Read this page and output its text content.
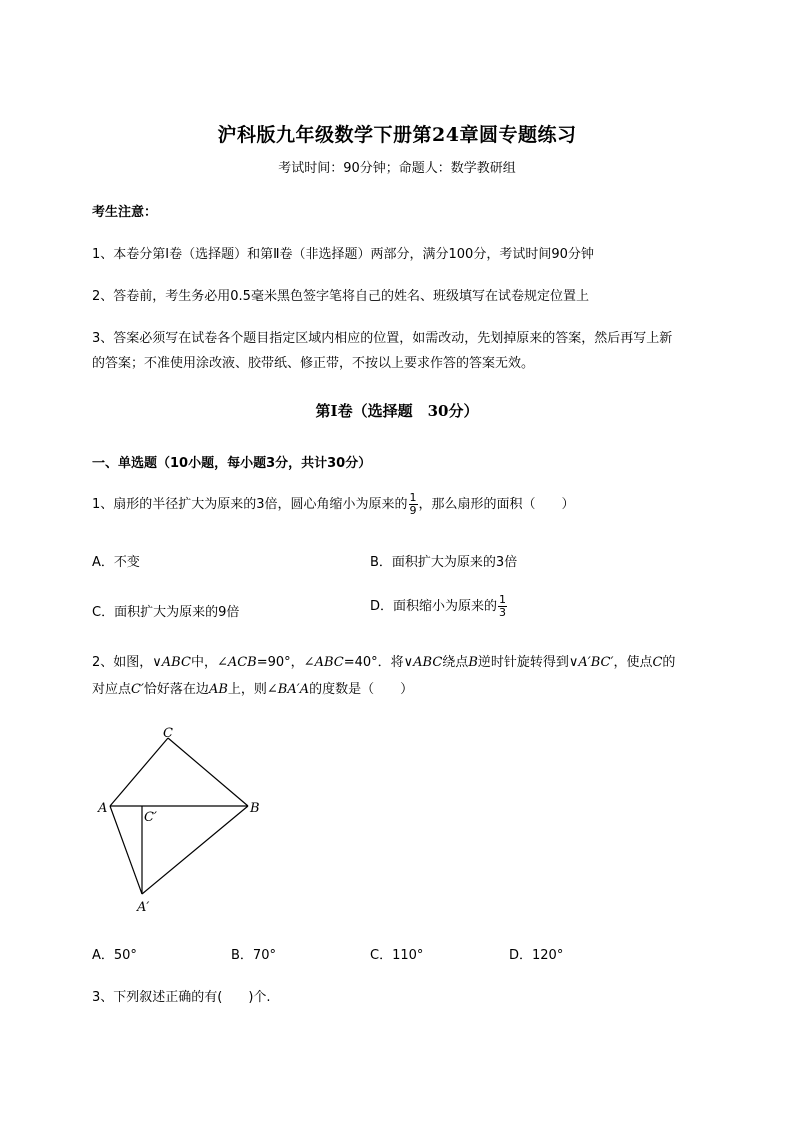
沪科版九年级数学下册第24章圆专题练习
考试时间：90分钟；命题人：数学教研组
考生注意：
1、本卷分第I卷（选择题）和第Ⅱ卷（非选择题）两部分，满分100分，考试时间90分钟
2、答卷前，考生务必用0.5毫米黑色签字笔将自己的姓名、班级填写在试卷规定位置上
3、答案必须写在试卷各个题目指定区域内相应的位置，如需改动，先划掉原来的答案，然后再写上新
的答案；不准使用涂改液、胶带纸、修正带，不按以上要求作答的答案无效。
第I卷（选择题　30分）
一、单选题（10小题，每小题3分，共计30分）
1、扇形的半径扩大为原来的3倍，圆心角缩小为原来的 $\frac{1}{9}$ ，那么扇形的面积（　　）
A．不变	B．面积扩大为原来的3倍
C．面积扩大为原来的9倍	D．面积缩小为原来的 $\frac{1}{3}$
2、如图，∨ABC中，∠ACB=90°，∠ABC=40°．将∨ABC绕点B逆时针旋转得到∨A′BC′，使点C的
对应点C′恰好落在边AB上，则∠BA′A的度数是（　　）
C
A	B
C′
A′
A．50°	B．70°	C．110°	D．120°
3、下列叙述正确的有(　　)个.
